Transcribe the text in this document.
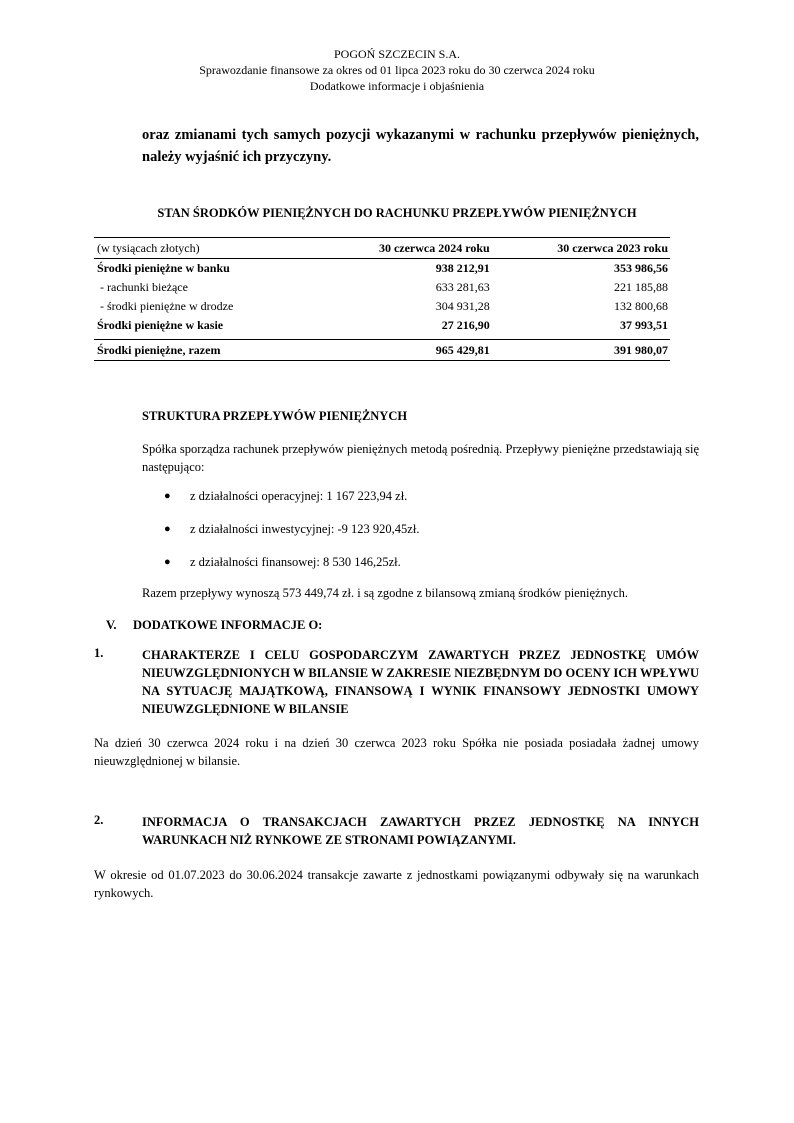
POGOŃ SZCZECIN S.A.
Sprawozdanie finansowe za okres od 01 lipca 2023 roku do 30 czerwca 2024 roku
Dodatkowe informacje i objaśnienia
oraz zmianami tych samych pozycji wykazanymi w rachunku przepływów pieniężnych, należy wyjaśnić ich przyczyny.
STAN ŚRODKÓW PIENIĘŻNYCH DO RACHUNKU PRZEPŁYWÓW PIENIĘŻNYCH
(w tysiącach złotych)	30 czerwca 2024 roku	30 czerwca 2023 roku
Środki pieniężne w banku	938 212,91	353 986,56
- rachunki bieżące	633 281,63	221 185,88
- środki pieniężne w drodze	304 931,28	132 800,68
Środki pieniężne w kasie	27 216,90	37 993,51

Środki pieniężne, razem	965 429,81	391 980,07
STRUKTURA PRZEPŁYWÓW PIENIĘŻNYCH
Spółka sporządza rachunek przepływów pieniężnych metodą pośrednią. Przepływy pieniężne przedstawiają się następująco:
● z działalności operacyjnej: 1 167 223,94 zł.
● z działalności inwestycyjnej: -9 123 920,45zł.
● z działalności finansowej: 8 530 146,25zł.
Razem przepływy wynoszą 573 449,74 zł. i są zgodne z bilansową zmianą środków pieniężnych.
V. DODATKOWE INFORMACJE O:
1.	CHARAKTERZE I CELU GOSPODARCZYM ZAWARTYCH PRZEZ JEDNOSTKĘ UMÓW NIEUWZGLĘDNIONYCH W BILANSIE W ZAKRESIE NIEZBĘDNYM DO OCENY ICH WPŁYWU NA SYTUACJĘ MAJĄTKOWĄ, FINANSOWĄ I WYNIK FINANSOWY JEDNOSTKI UMOWY NIEUWZGLĘDNIONE W BILANSIE
Na dzień 30 czerwca 2024 roku i na dzień 30 czerwca 2023 roku Spółka nie posiada posiadała żadnej umowy nieuwzględnionej w bilansie.
2.	INFORMACJA O TRANSAKCJACH ZAWARTYCH PRZEZ JEDNOSTKĘ NA INNYCH WARUNKACH NIŻ RYNKOWE ZE STRONAMI POWIĄZANYMI.
W okresie od 01.07.2023 do 30.06.2024 transakcje zawarte z jednostkami powiązanymi odbywały się na warunkach rynkowych.
